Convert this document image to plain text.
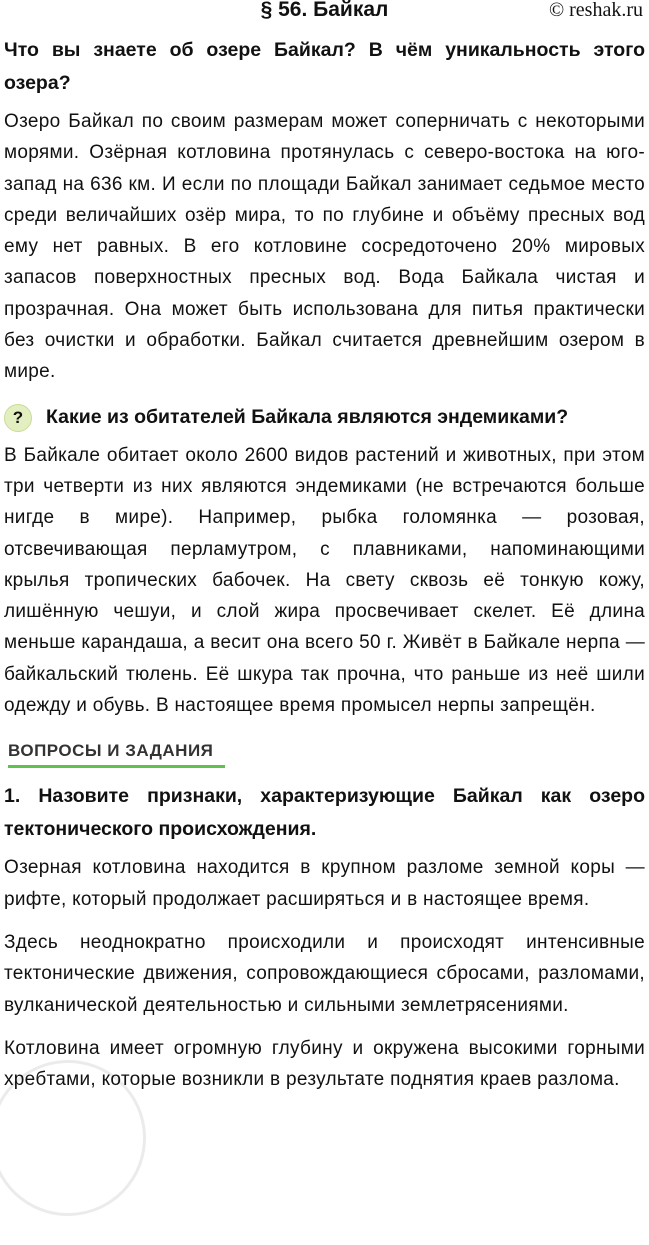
§ 56. Байкал	© reshak.ru
Что вы знаете об озере Байкал? В чём уникальность этого озера?
Озеро Байкал по своим размерам может соперничать с некоторыми морями. Озёрная котловина протянулась с северо-востока на юго-запад на 636 км. И если по площади Байкал занимает седьмое место среди величайших озёр мира, то по глубине и объёму пресных вод ему нет равных. В его котловине сосредоточено 20% мировых запасов поверхностных пресных вод. Вода Байкала чистая и прозрачная. Она может быть использована для питья практически без очистки и обработки. Байкал считается древнейшим озером в мире.
?	Какие из обитателей Байкала являются эндемиками?
В Байкале обитает около 2600 видов растений и животных, при этом три четверти из них являются эндемиками (не встречаются больше нигде в мире). Например, рыбка голомянка — розовая, отсвечивающая перламутром, с плавниками, напоминающими крылья тропических бабочек. На свету сквозь её тонкую кожу, лишённую чешуи, и слой жира просвечивает скелет. Её длина меньше карандаша, а весит она всего 50 г. Живёт в Байкале нерпа — байкальский тюлень. Её шкура так прочна, что раньше из неё шили одежду и обувь. В настоящее время промысел нерпы запрещён.
ВОПРОСЫ И ЗАДАНИЯ
1. Назовите признаки, характеризующие Байкал как озеро тектонического происхождения.
Озерная котловина находится в крупном разломе земной коры — рифте, который продолжает расширяться и в настоящее время.
Здесь неоднократно происходили и происходят интенсивные тектонические движения, сопровождающиеся сбросами, разломами, вулканической деятельностью и сильными землетрясениями.
Котловина имеет огромную глубину и окружена высокими горными хребтами, которые возникли в результате поднятия краев разлома.
